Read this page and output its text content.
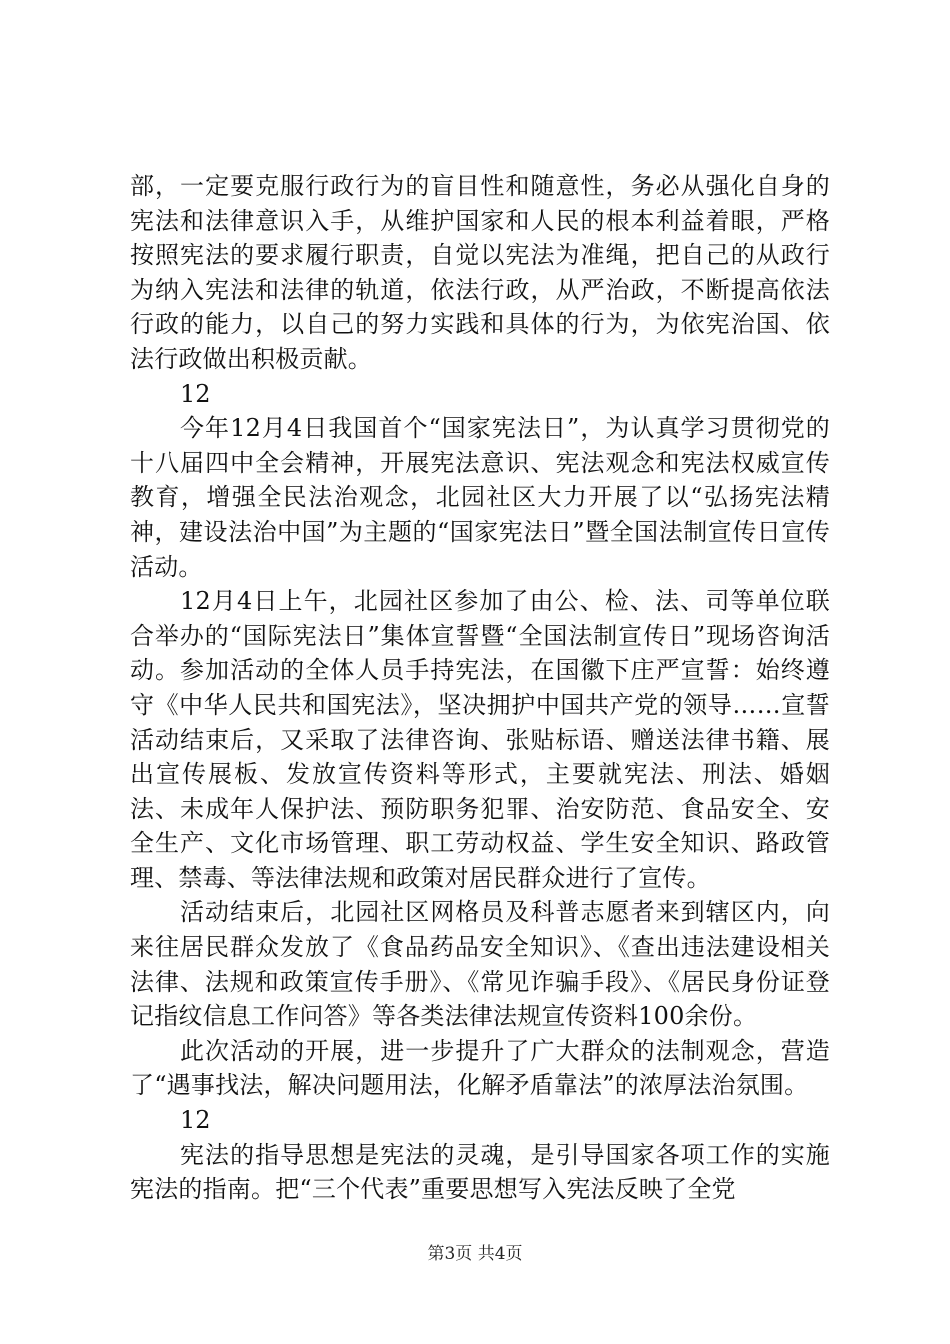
部，一定要克服行政行为的盲目性和随意性，务必从强化自身的宪法和法律意识入手，从维护国家和人民的根本利益着眼，严格按照宪法的要求履行职责，自觉以宪法为准绳，把自己的从政行为纳入宪法和法律的轨道，依法行政，从严治政，不断提高依法行政的能力，以自己的努力实践和具体的行为，为依宪治国、依法行政做出积极贡献。

12

今年12月4日我国首个“国家宪法日”，为认真学习贯彻党的十八届四中全会精神，开展宪法意识、宪法观念和宪法权威宣传教育，增强全民法治观念，北园社区大力开展了以“弘扬宪法精神，建设法治中国”为主题的“国家宪法日”暨全国法制宣传日宣传活动。

12月4日上午，北园社区参加了由公、检、法、司等单位联合举办的“国际宪法日”集体宣誓暨“全国法制宣传日”现场咨询活动。参加活动的全体人员手持宪法，在国徽下庄严宣誓：始终遵守《中华人民共和国宪法》，坚决拥护中国共产党的领导……宣誓活动结束后，又采取了法律咨询、张贴标语、赠送法律书籍、展出宣传展板、发放宣传资料等形式，主要就宪法、刑法、婚姻法、未成年人保护法、预防职务犯罪、治安防范、食品安全、安全生产、文化市场管理、职工劳动权益、学生安全知识、路政管理、禁毒、等法律法规和政策对居民群众进行了宣传。

活动结束后，北园社区网格员及科普志愿者来到辖区内，向来往居民群众发放了《食品药品安全知识》、《查出违法建设相关法律、法规和政策宣传手册》、《常见诈骗手段》、《居民身份证登记指纹信息工作问答》等各类法律法规宣传资料100余份。

此次活动的开展，进一步提升了广大群众的法制观念，营造了“遇事找法，解决问题用法，化解矛盾靠法”的浓厚法治氛围。

12

宪法的指导思想是宪法的灵魂，是引导国家各项工作的实施宪法的指南。把“三个代表”重要思想写入宪法反映了全党

第3页 共4页
